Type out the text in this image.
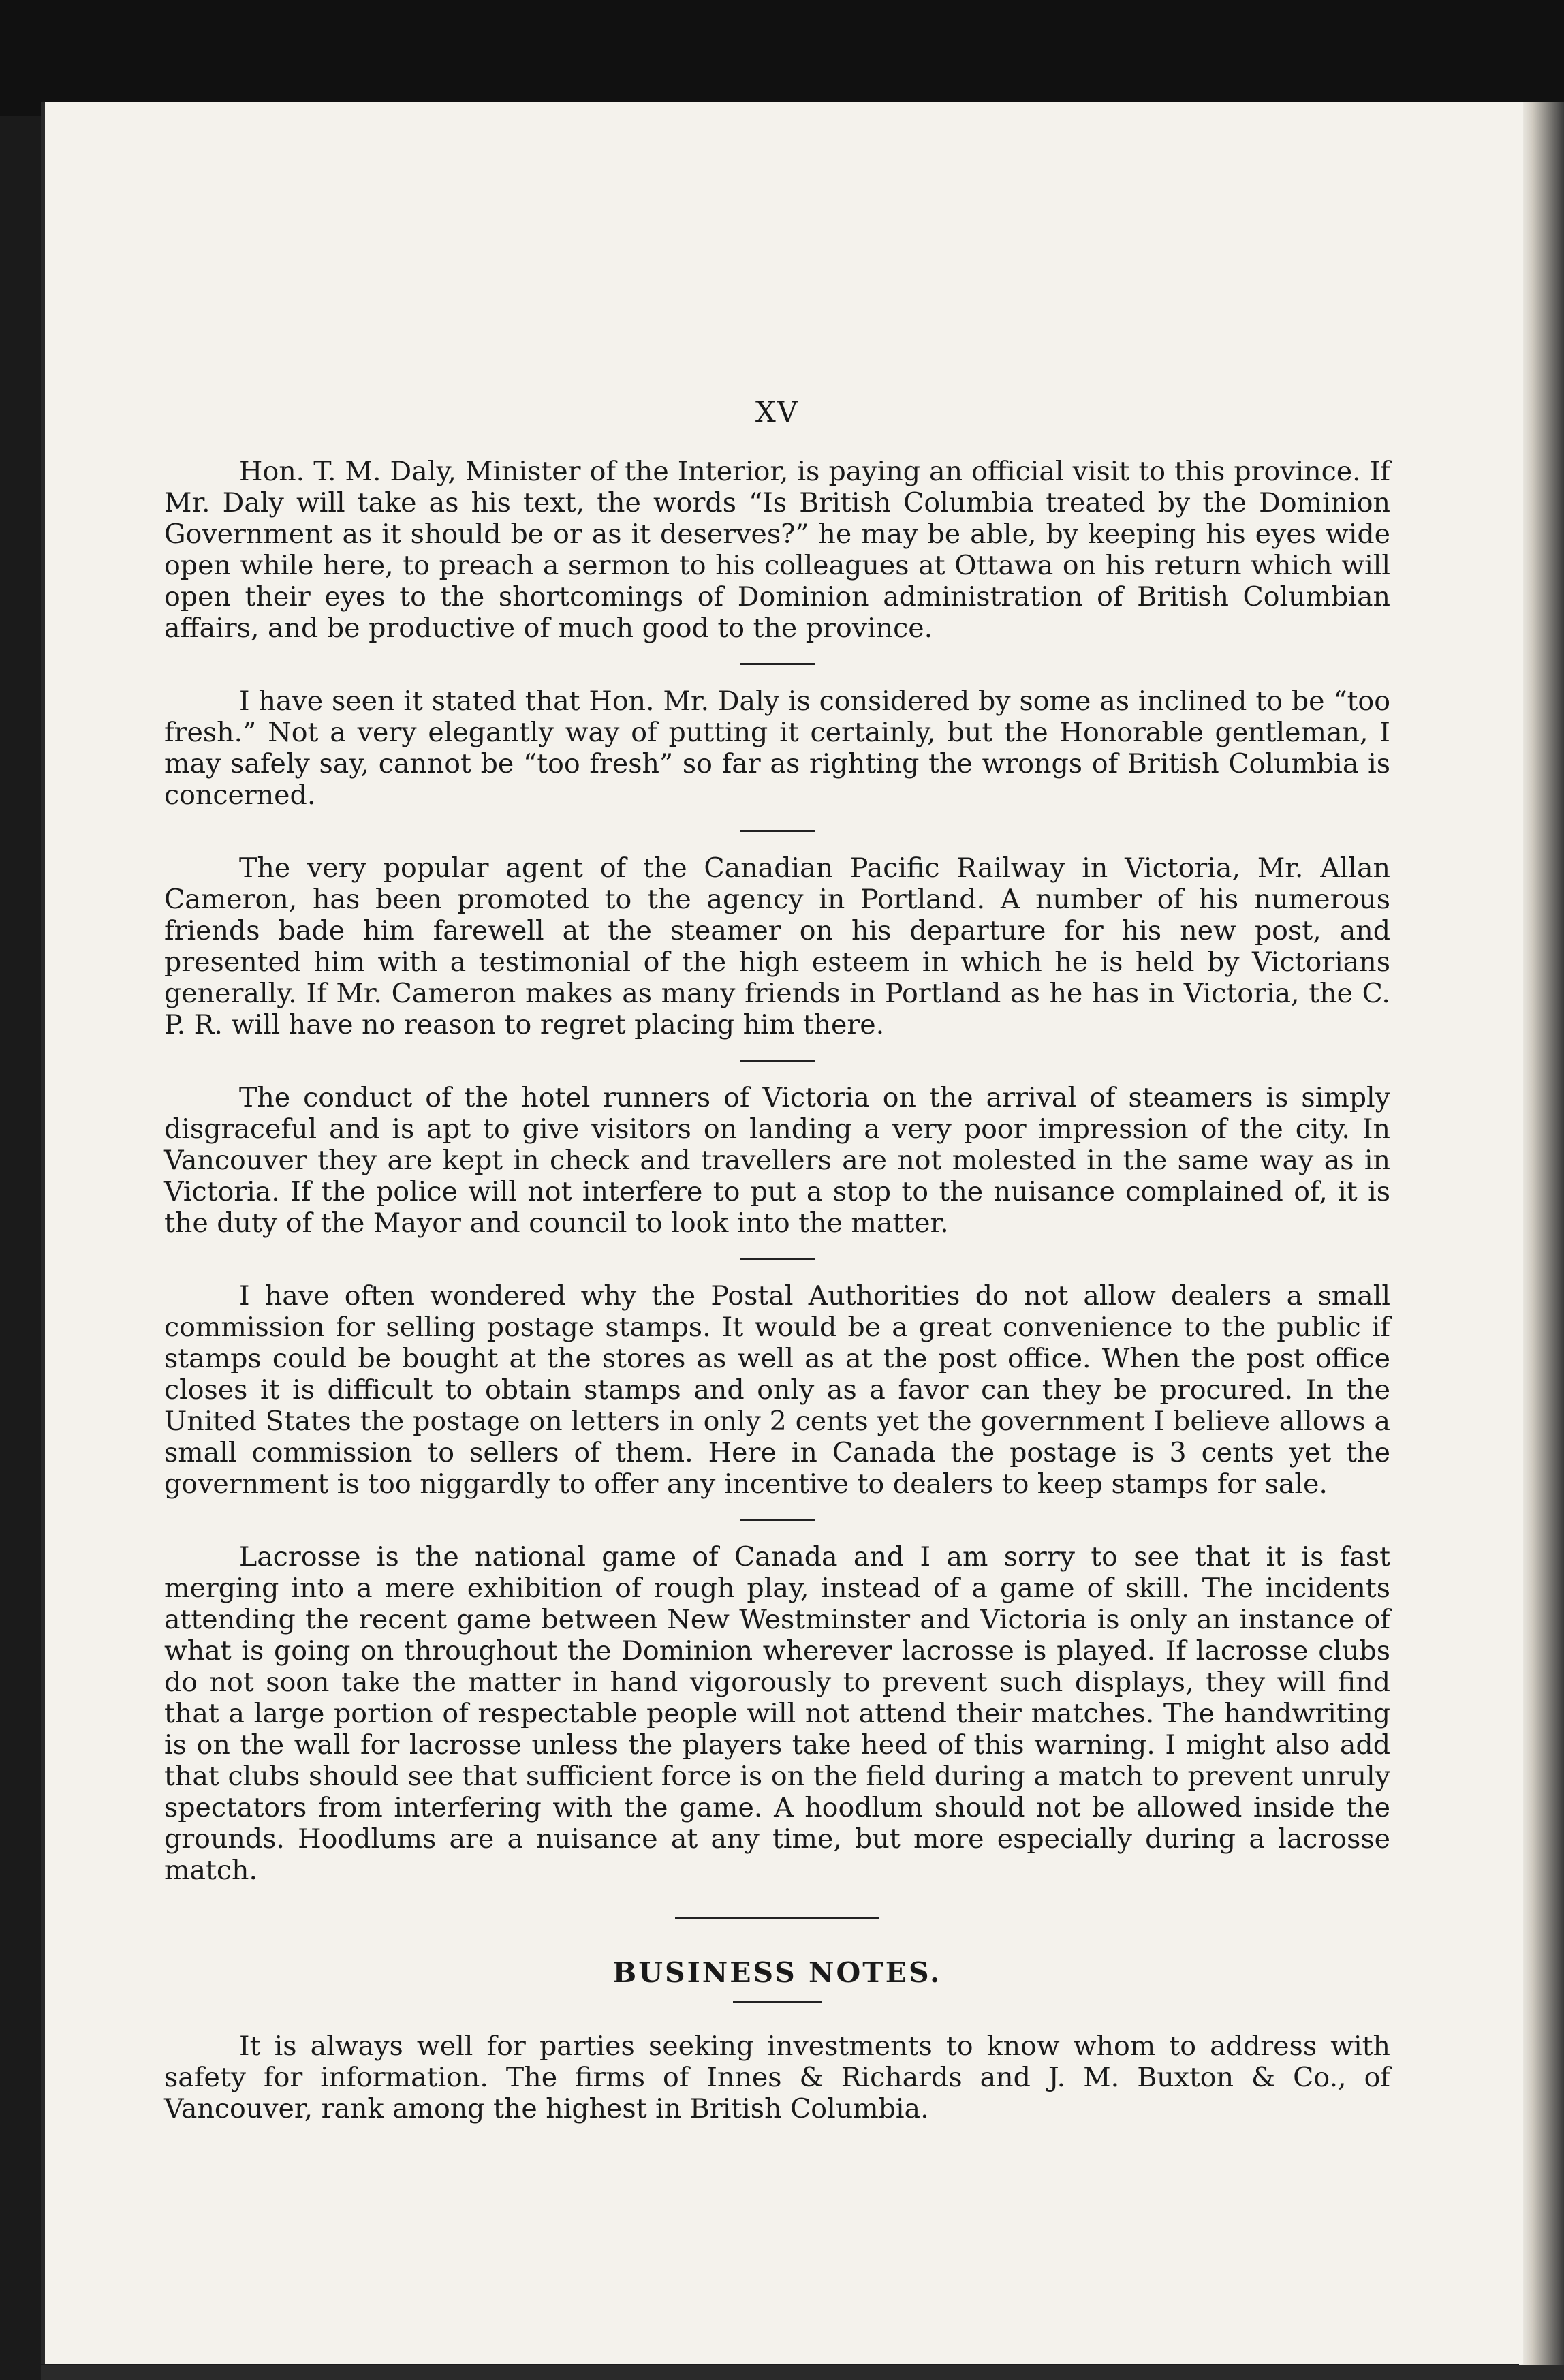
XV

Hon. T. M. Daly, Minister of the Interior, is paying an official visit to this province. If Mr. Daly will take as his text, the words “Is British Columbia treated by the Dominion Government as it should be or as it deserves?” he may be able, by keeping his eyes wide open while here, to preach a sermon to his colleagues at Ottawa on his return which will open their eyes to the shortcomings of Dominion administration of British Columbian affairs, and be productive of much good to the province.

I have seen it stated that Hon. Mr. Daly is considered by some as inclined to be “too fresh.” Not a very elegantly way of putting it certainly, but the Honorable gentleman, I may safely say, cannot be “too fresh” so far as righting the wrongs of British Columbia is concerned.

The very popular agent of the Canadian Pacific Railway in Victoria, Mr. Allan Cameron, has been promoted to the agency in Portland. A number of his numerous friends bade him farewell at the steamer on his departure for his new post, and presented him with a testimonial of the high esteem in which he is held by Victorians generally. If Mr. Cameron makes as many friends in Portland as he has in Victoria, the C. P. R. will have no reason to regret placing him there.

The conduct of the hotel runners of Victoria on the arrival of steamers is simply disgraceful and is apt to give visitors on landing a very poor impression of the city. In Vancouver they are kept in check and travellers are not molested in the same way as in Victoria. If the police will not interfere to put a stop to the nuisance complained of, it is the duty of the Mayor and council to look into the matter.

I have often wondered why the Postal Authorities do not allow dealers a small commission for selling postage stamps. It would be a great convenience to the public if stamps could be bought at the stores as well as at the post office. When the post office closes it is difficult to obtain stamps and only as a favor can they be procured. In the United States the postage on letters in only 2 cents yet the government I believe allows a small commission to sellers of them. Here in Canada the postage is 3 cents yet the government is too niggardly to offer any incentive to dealers to keep stamps for sale.

Lacrosse is the national game of Canada and I am sorry to see that it is fast merging into a mere exhibition of rough play, instead of a game of skill. The incidents attending the recent game between New Westminster and Victoria is only an instance of what is going on throughout the Dominion wherever lacrosse is played. If lacrosse clubs do not soon take the matter in hand vigorously to prevent such displays, they will find that a large portion of respectable people will not attend their matches. The handwriting is on the wall for lacrosse unless the players take heed of this warning. I might also add that clubs should see that sufficient force is on the field during a match to prevent unruly spectators from interfering with the game. A hoodlum should not be allowed inside the grounds. Hoodlums are a nuisance at any time, but more especially during a lacrosse match.

BUSINESS NOTES.

It is always well for parties seeking investments to know whom to address with safety for information. The firms of Innes & Richards and J. M. Buxton & Co., of Vancouver, rank among the highest in British Columbia.
